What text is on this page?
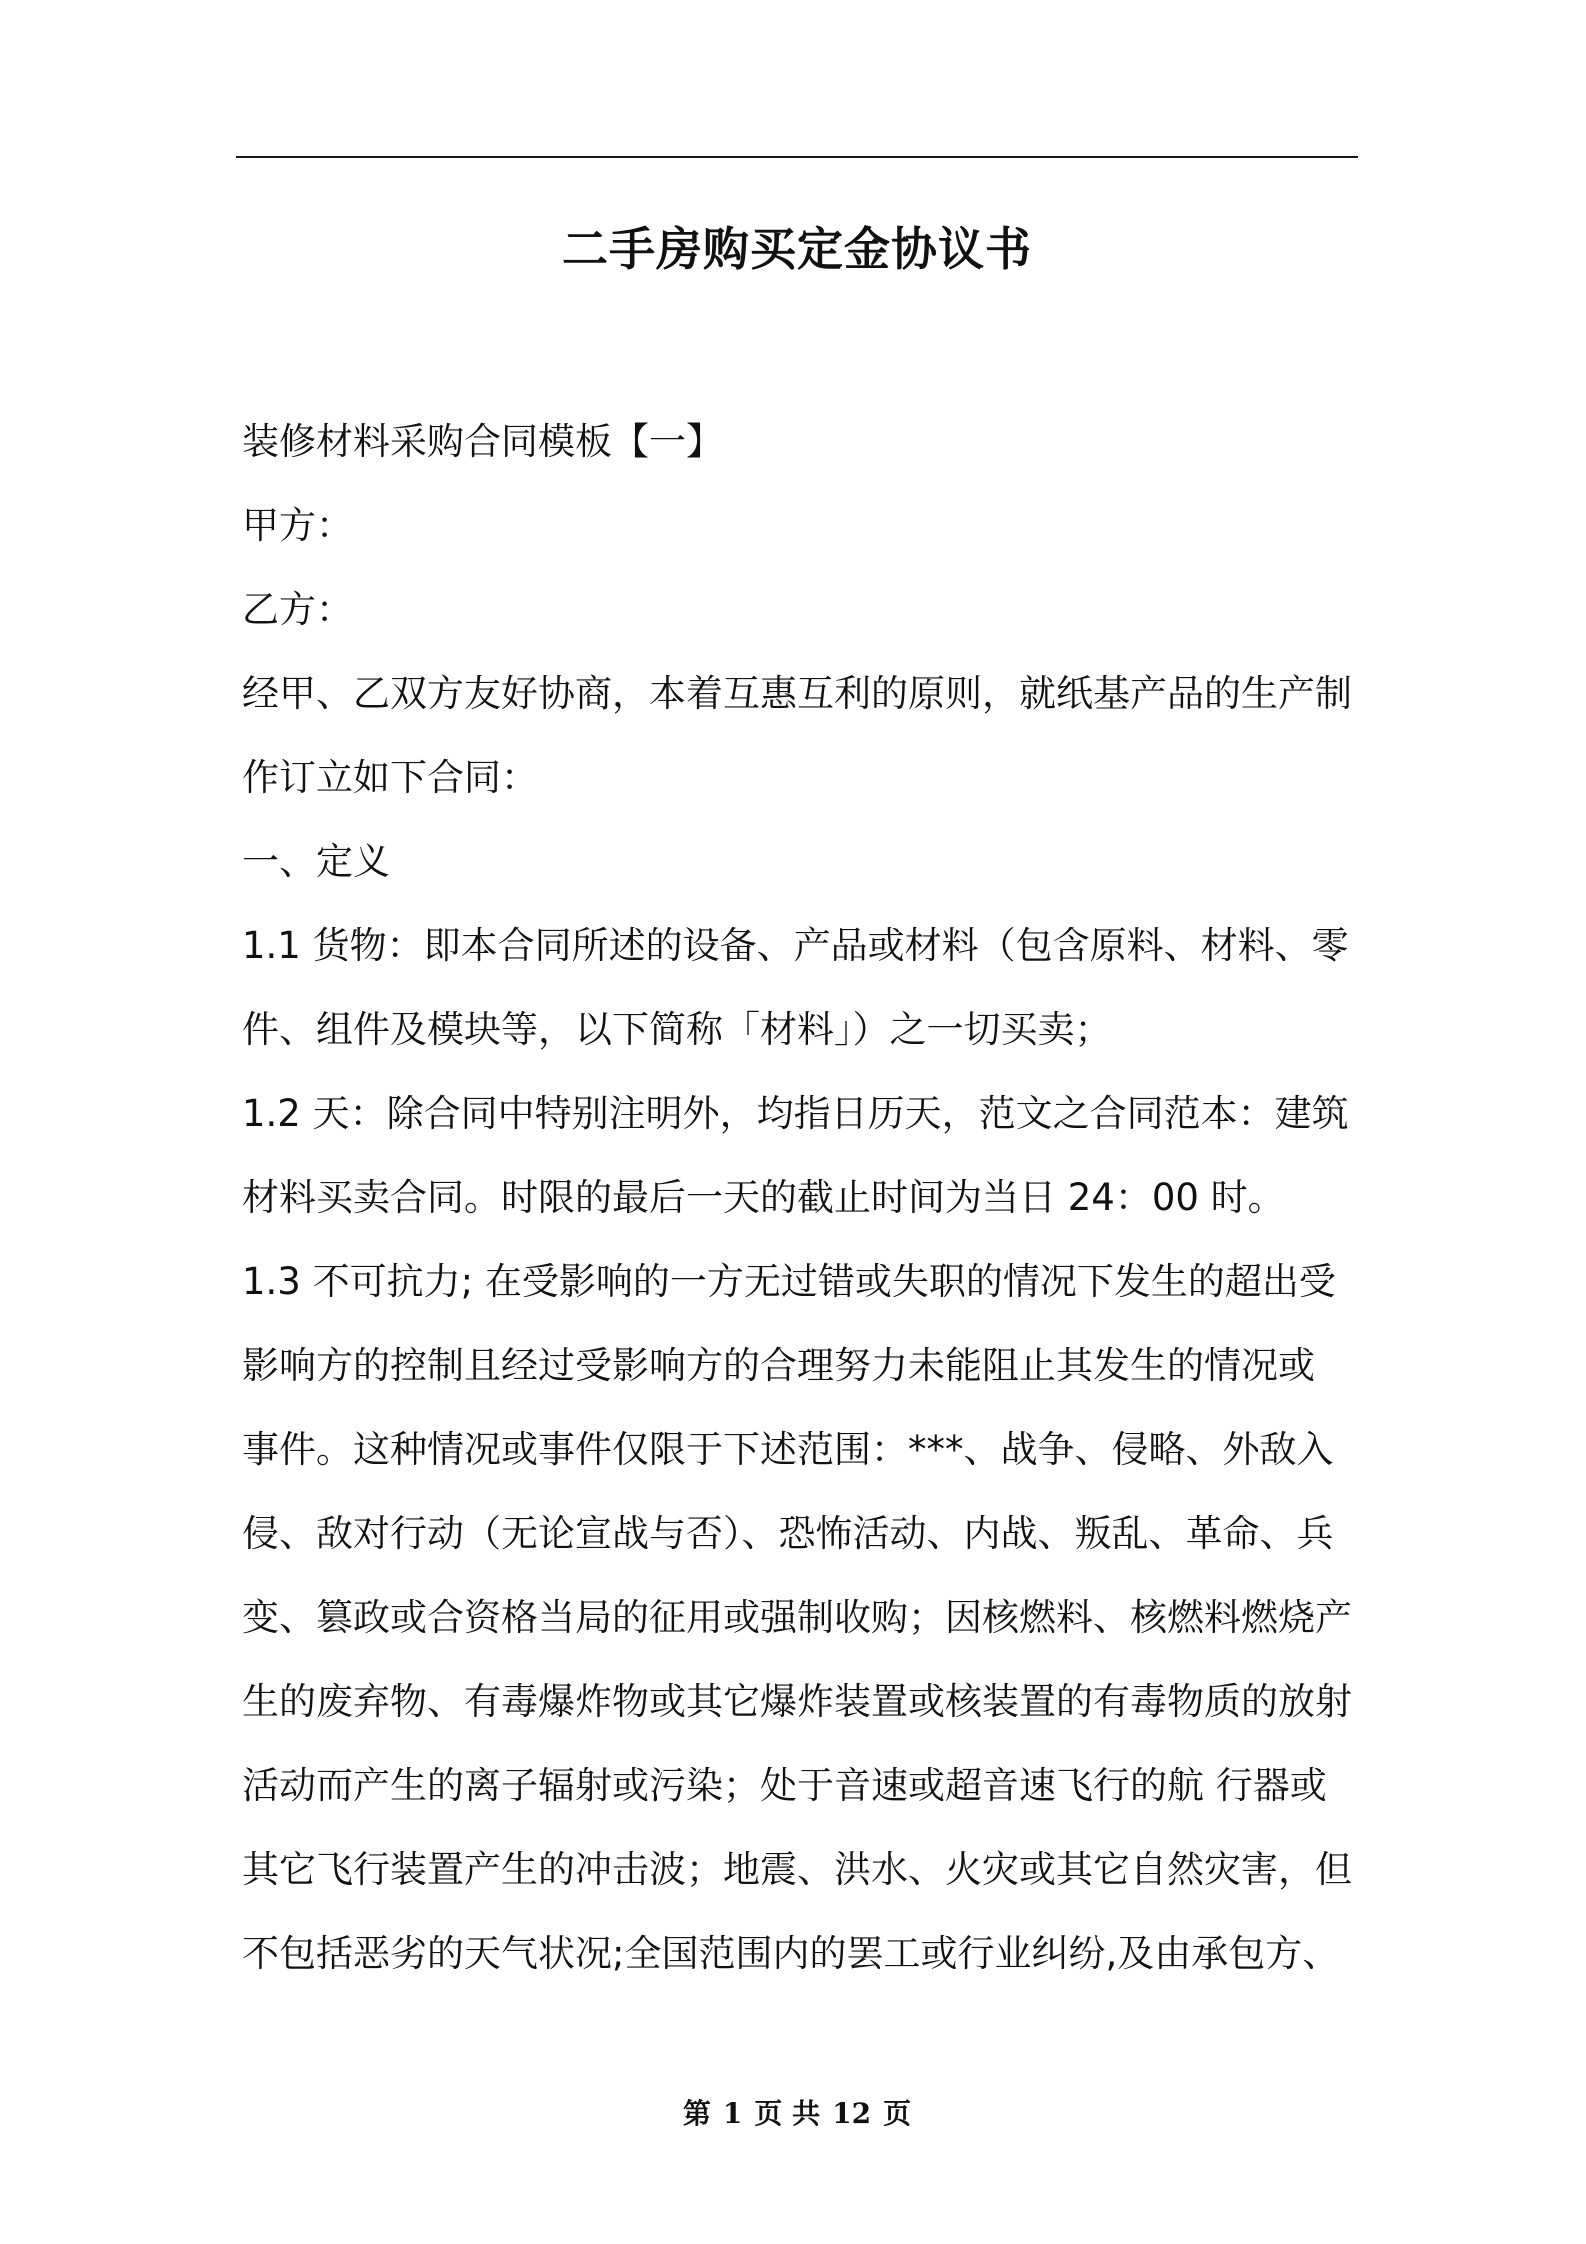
二手房购买定金协议书
装修材料采购合同模板【一】
甲方：
乙方：
经甲、乙双方友好协商，本着互惠互利的原则，就纸基产品的生产制
作订立如下合同：
一、定义
1.1 货物：即本合同所述的设备、产品或材料（包含原料、材料、零
件、组件及模块等，以下简称「材料」）之一切买卖；
1.2 天：除合同中特别注明外，均指日历天，范文之合同范本：建筑
材料买卖合同。时限的最后一天的截止时间为当日 24：00 时。
1.3 不可抗力; 在受影响的一方无过错或失职的情况下发生的超出受
影响方的控制且经过受影响方的合理努力未能阻止其发生的情况或
事件。这种情况或事件仅限于下述范围：***、战争、侵略、外敌入
侵、敌对行动（无论宣战与否）、恐怖活动、内战、叛乱、革命、兵
变、篡政或合资格当局的征用或强制收购；因核燃料、核燃料燃烧产
生的废弃物、有毒爆炸物或其它爆炸装置或核装置的有毒物质的放射
活动而产生的离子辐射或污染；处于音速或超音速飞行的航 行器或
其它飞行装置产生的冲击波；地震、洪水、火灾或其它自然灾害，但
不包括恶劣的天气状况;全国范围内的罢工或行业纠纷,及由承包方、
第 1 页 共 12 页
